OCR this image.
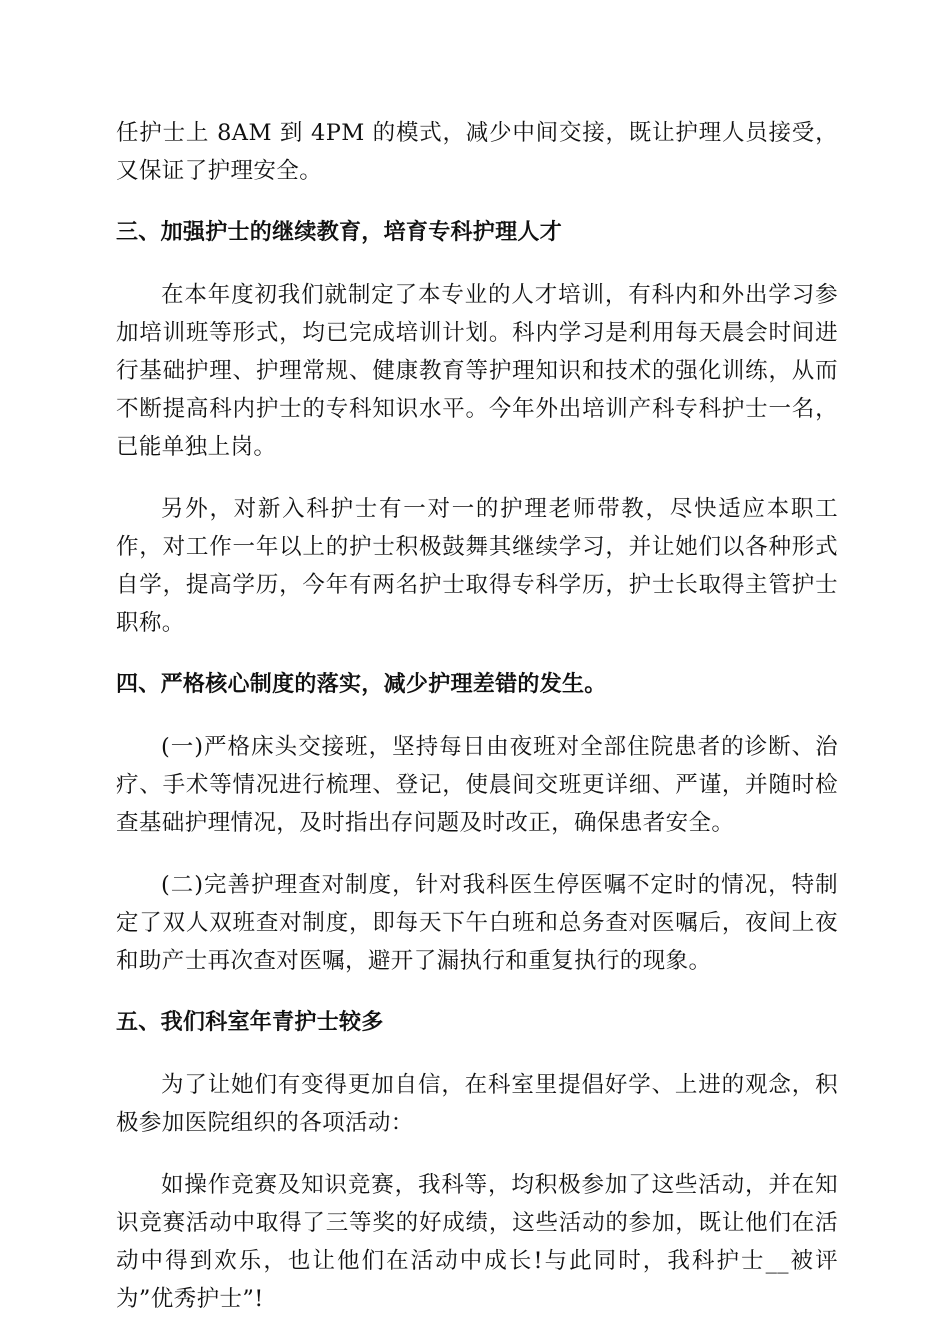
任护士上 8AM 到 4PM 的模式，减少中间交接，既让护理人员接受，又保证了护理安全。

三、加强护士的继续教育，培育专科护理人才

在本年度初我们就制定了本专业的人才培训，有科内和外出学习参加培训班等形式，均已完成培训计划。科内学习是利用每天晨会时间进行基础护理、护理常规、健康教育等护理知识和技术的强化训练，从而不断提高科内护士的专科知识水平。今年外出培训产科专科护士一名，已能单独上岗。

另外，对新入科护士有一对一的护理老师带教，尽快适应本职工作，对工作一年以上的护士积极鼓舞其继续学习，并让她们以各种形式自学，提高学历，今年有两名护士取得专科学历，护士长取得主管护士职称。

四、严格核心制度的落实，减少护理差错的发生。

(一)严格床头交接班，坚持每日由夜班对全部住院患者的诊断、治疗、手术等情况进行梳理、登记，使晨间交班更详细、严谨，并随时检查基础护理情况，及时指出存问题及时改正，确保患者安全。

(二)完善护理查对制度，针对我科医生停医嘱不定时的情况，特制定了双人双班查对制度，即每天下午白班和总务查对医嘱后，夜间上夜和助产士再次查对医嘱，避开了漏执行和重复执行的现象。

五、我们科室年青护士较多

为了让她们有变得更加自信，在科室里提倡好学、上进的观念，积极参加医院组织的各项活动：

如操作竞赛及知识竞赛，我科等，均积极参加了这些活动，并在知识竞赛活动中取得了三等奖的好成绩，这些活动的参加，既让他们在活动中得到欢乐，也让他们在活动中成长!与此同时，我科护士__被评为”优秀护士”!
